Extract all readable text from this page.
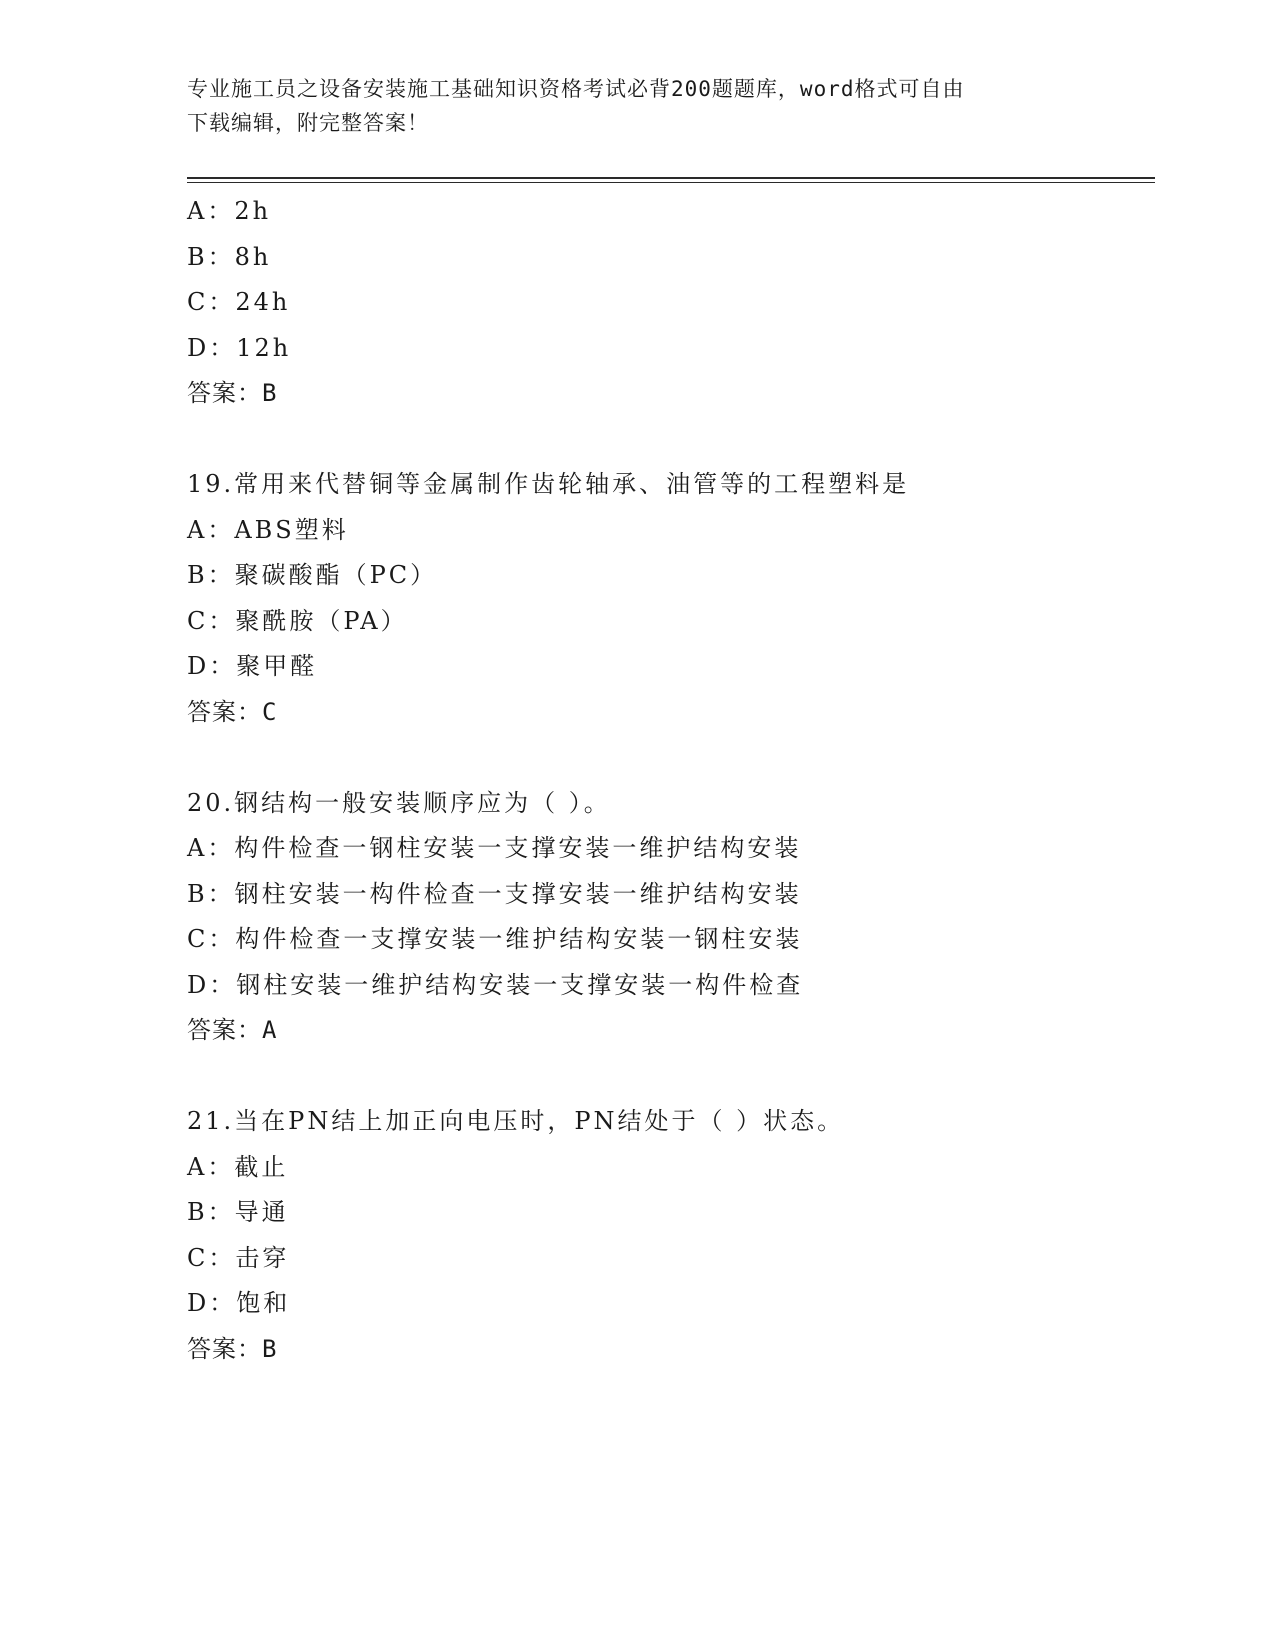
专业施工员之设备安装施工基础知识资格考试必背200题题库，word格式可自由
下载编辑，附完整答案！
A：2h
B：8h
C：24h
D：12h
答案：B
19.常用来代替铜等金属制作齿轮轴承、油管等的工程塑料是
A：ABS塑料
B：聚碳酸酯（PC）
C：聚酰胺（PA）
D：聚甲醛
答案：C
20.钢结构一般安装顺序应为（ ）。
A：构件检查一钢柱安装一支撑安装一维护结构安装
B：钢柱安装一构件检查一支撑安装一维护结构安装
C：构件检查一支撑安装一维护结构安装一钢柱安装
D：钢柱安装一维护结构安装一支撑安装一构件检查
答案：A
21.当在PN结上加正向电压时，PN结处于（ ）状态。
A：截止
B：导通
C：击穿
D：饱和
答案：B
